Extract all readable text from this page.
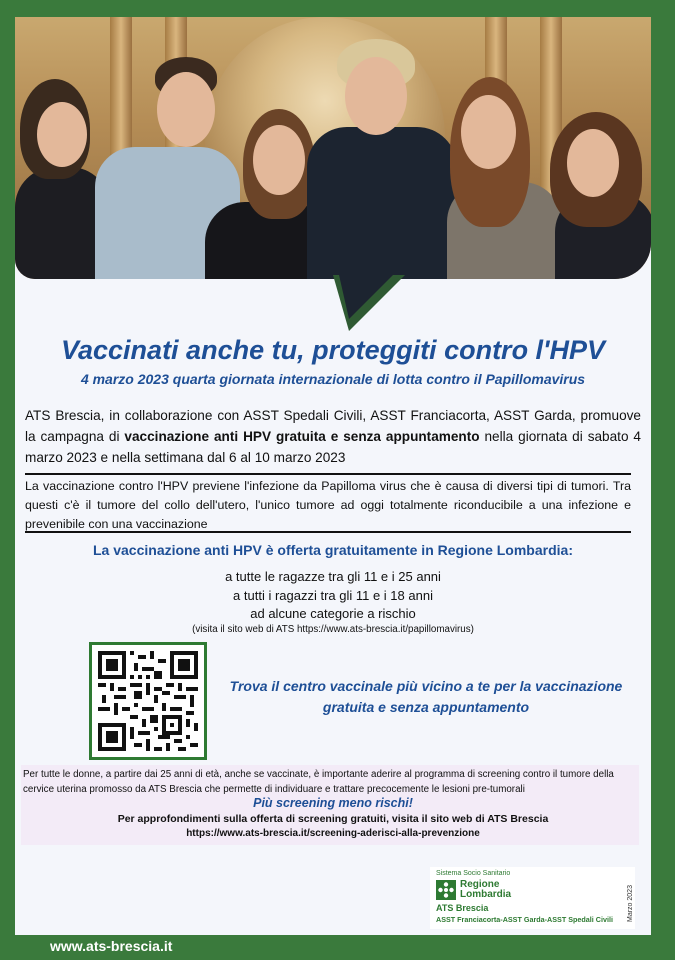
Vaccinati anche tu, proteggiti contro l'HPV
4 marzo 2023 quarta giornata internazionale di lotta contro il Papillomavirus

ATS Brescia, in collaborazione con ASST Spedali Civili, ASST Franciacorta, ASST Garda, promuove la campagna di vaccinazione anti HPV gratuita e senza appuntamento nella giornata di sabato 4 marzo 2023 e nella settimana dal 6 al 10 marzo 2023

La vaccinazione contro l'HPV previene l'infezione da Papilloma virus che è causa di diversi tipi di tumori. Tra questi c'è il tumore del collo dell'utero, l'unico tumore ad oggi totalmente riconducibile a una infezione e prevenibile con una vaccinazione

La vaccinazione anti HPV è offerta gratuitamente in Regione Lombardia:
a tutte le ragazze tra gli 11 e i 25 anni
a tutti i ragazzi tra gli 11 e i 18 anni
ad alcune categorie a rischio
(visita il sito web di ATS https://www.ats-brescia.it/papillomavirus)
Trova il centro vaccinale più vicino a te per la vaccinazione gratuita e senza appuntamento

Per tutte le donne, a partire dai 25 anni di età, anche se vaccinate, è importante aderire al programma di screening contro il tumore della cervice uterina promosso da ATS Brescia che permette di individuare e trattare precocemente le lesioni pre-tumorali

Più screening meno rischi!
Per approfondimenti sulla offerta di screening gratuiti, visita il sito web di ATS Brescia
https://www.ats-brescia.it/screening-aderisci-alla-prevenzione
Sistema Socio Sanitario
Regione
Lombardia
ATS Brescia
ASST Franciacorta-ASST Garda-ASST Spedali Civili Marzo 2023
www.ats-brescia.it
